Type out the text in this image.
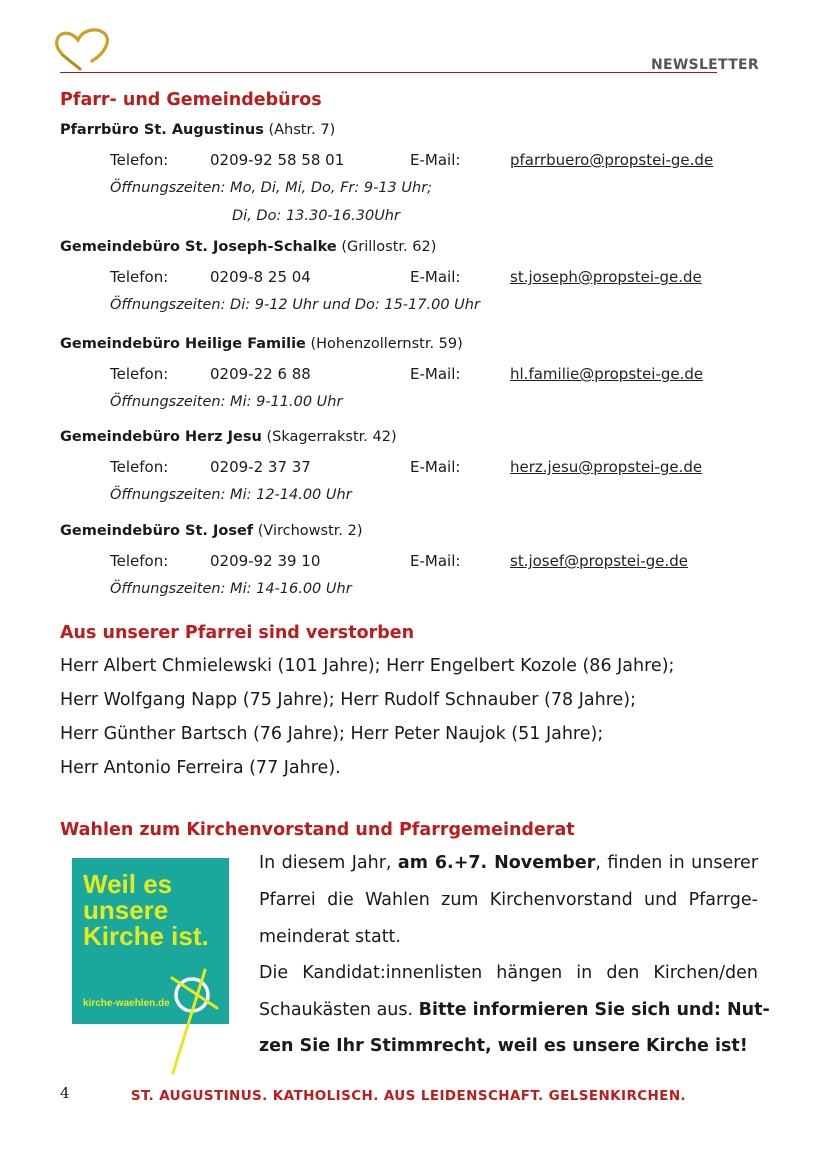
NEWSLETTER
Pfarr- und Gemeindebüros
Pfarrbüro St. Augustinus (Ahstr. 7)
Telefon:	0209-92 58 58 01	E-Mail:	pfarrbuero@propstei-ge.de
Öffnungszeiten: Mo, Di, Mi, Do, Fr: 9-13 Uhr;
Di, Do: 13.30-16.30Uhr
Gemeindebüro St. Joseph-Schalke (Grillostr. 62)
Telefon:	0209-8 25 04	E-Mail:	st.joseph@propstei-ge.de
Öffnungszeiten: Di: 9-12 Uhr und Do: 15-17.00 Uhr
Gemeindebüro Heilige Familie (Hohenzollernstr. 59)
Telefon:	0209-22 6 88	E-Mail:	hl.familie@propstei-ge.de
Öffnungszeiten: Mi: 9-11.00 Uhr
Gemeindebüro Herz Jesu (Skagerrakstr. 42)
Telefon:	0209-2 37 37	E-Mail:	herz.jesu@propstei-ge.de
Öffnungszeiten: Mi: 12-14.00 Uhr
Gemeindebüro St. Josef (Virchowstr. 2)
Telefon:	0209-92 39 10	E-Mail:	st.josef@propstei-ge.de
Öffnungszeiten: Mi: 14-16.00 Uhr
Aus unserer Pfarrei sind verstorben
Herr Albert Chmielewski (101 Jahre); Herr Engelbert Kozole (86 Jahre);
Herr Wolfgang Napp (75 Jahre); Herr Rudolf Schnauber (78 Jahre);
Herr Günther Bartsch (76 Jahre); Herr Peter Naujok (51 Jahre);
Herr Antonio Ferreira (77 Jahre).
Wahlen zum Kirchenvorstand und Pfarrgemeinderat
Weil es
unsere
Kirche ist.
kirche-waehlen.de
In diesem Jahr, am 6.+7. November, finden in unserer
Pfarrei die Wahlen zum Kirchenvorstand und Pfarrge-
meinderat statt.
Die Kandidat:innenlisten hängen in den Kirchen/den
Schaukästen aus. Bitte informieren Sie sich und: Nut-
zen Sie Ihr Stimmrecht, weil es unsere Kirche ist!
4	ST. AUGUSTINUS. KATHOLISCH. AUS LEIDENSCHAFT. GELSENKIRCHEN.
